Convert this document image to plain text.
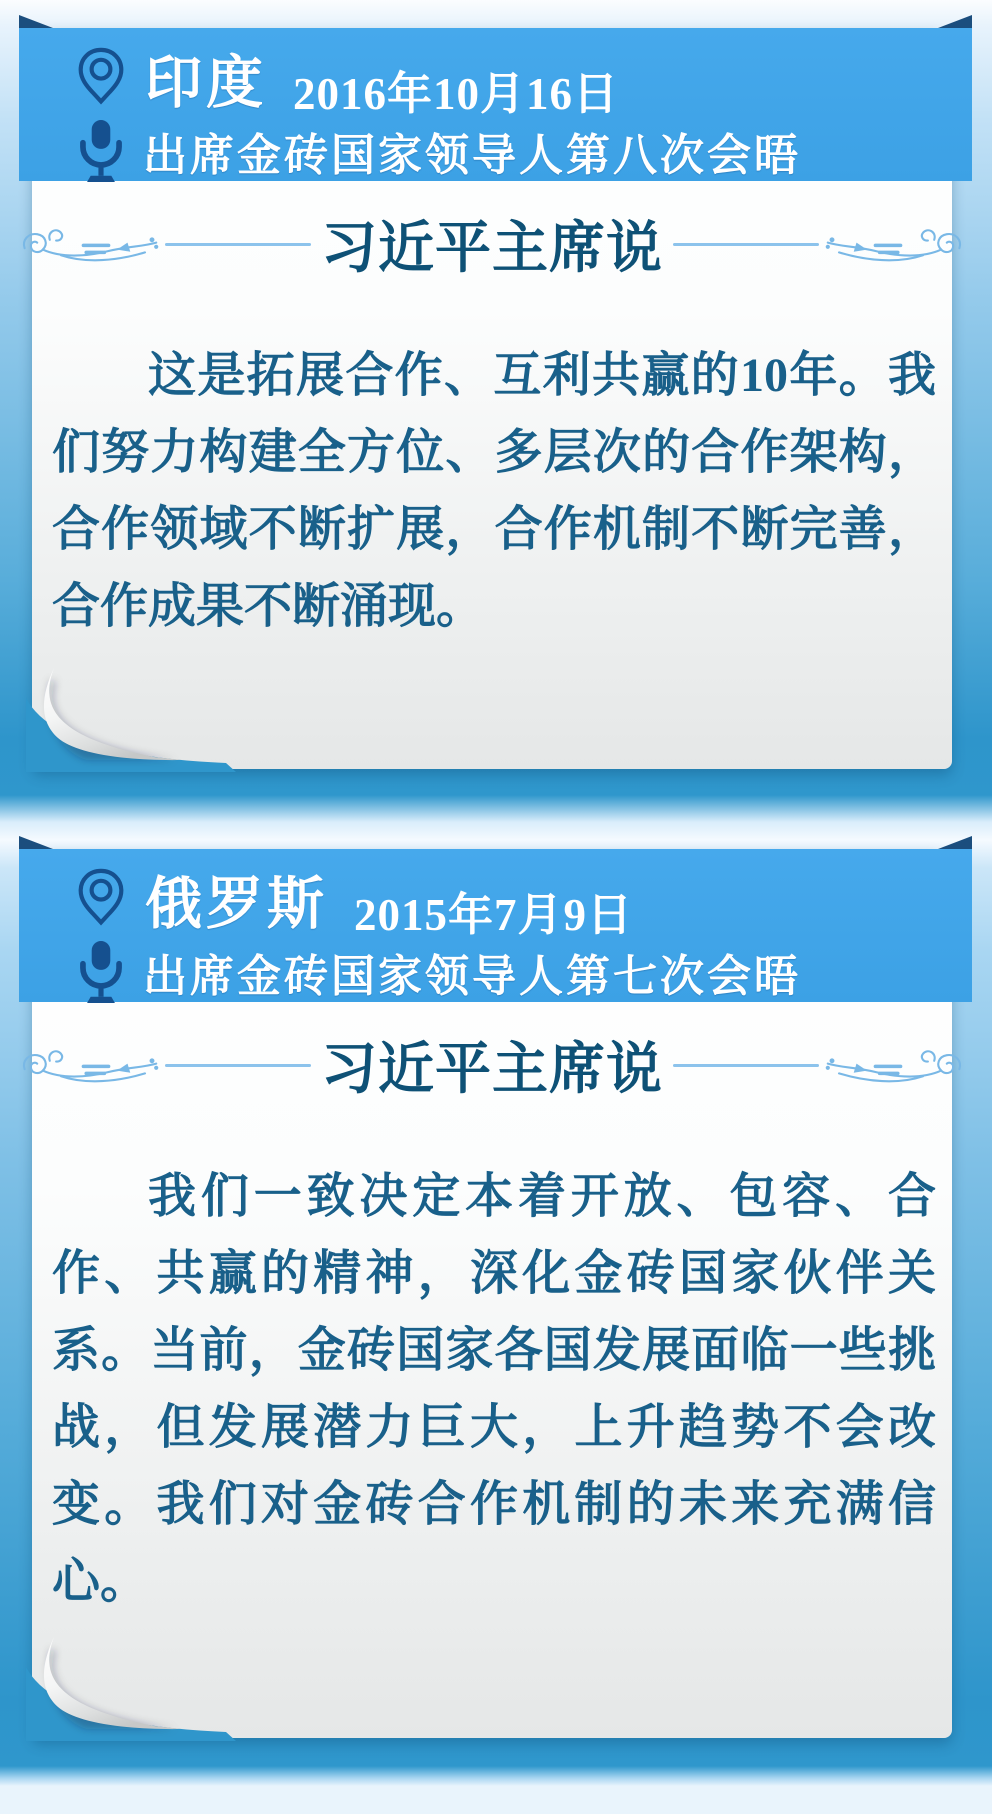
印度 2016年10月16日
出席金砖国家领导人第八次会晤
习近平主席说

这是拓展合作、互利共赢的10年。我们努力构建全方位、多层次的合作架构，合作领域不断扩展，合作机制不断完善，合作成果不断涌现。

俄罗斯 2015年7月9日
出席金砖国家领导人第七次会晤
习近平主席说

我们一致决定本着开放、包容、合作、共赢的精神，深化金砖国家伙伴关系。当前，金砖国家各国发展面临一些挑战，但发展潜力巨大，上升趋势不会改变。我们对金砖合作机制的未来充满信心。
